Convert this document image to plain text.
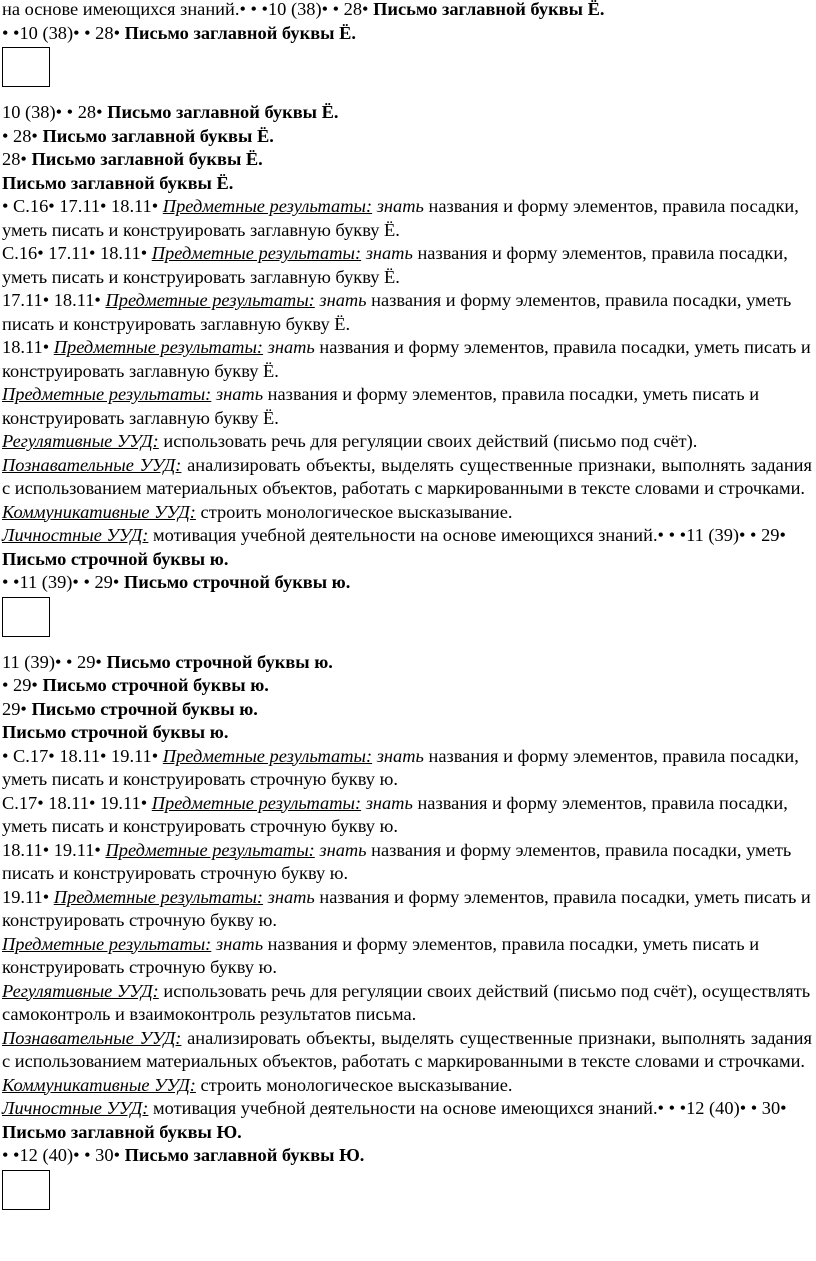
на основе имеющихся знаний.• • •10 (38)• • 28• Письмо заглавной буквы Ё.
• •10 (38)• • 28• Письмо заглавной буквы Ё.
10 (38)• • 28• Письмо заглавной буквы Ё.
• 28• Письмо заглавной буквы Ё.
28• Письмо заглавной буквы Ё.
Письмо заглавной буквы Ё.
• С.16• 17.11• 18.11• Предметные результаты: знать названия и форму элементов, правила посадки, уметь писать и конструировать заглавную букву Ё.
С.16• 17.11• 18.11• Предметные результаты: знать названия и форму элементов, правила посадки, уметь писать и конструировать заглавную букву Ё.
17.11• 18.11• Предметные результаты: знать названия и форму элементов, правила посадки, уметь писать и конструировать заглавную букву Ё.
18.11• Предметные результаты: знать названия и форму элементов, правила посадки, уметь писать и конструировать заглавную букву Ё.
Предметные результаты: знать названия и форму элементов, правила посадки, уметь писать и конструировать заглавную букву Ё.
Регулятивные УУД: использовать речь для регуляции своих действий (письмо под счёт).
Познавательные УУД: анализировать объекты, выделять существенные признаки, выполнять задания с использованием материальных объектов, работать с маркированными в тексте словами и строчками.
Коммуникативные УУД: строить монологическое высказывание.
Личностные УУД: мотивация учебной деятельности на основе имеющихся знаний.• • •11 (39)• • 29• Письмо строчной буквы ю.
• •11 (39)• • 29• Письмо строчной буквы ю.
11 (39)• • 29• Письмо строчной буквы ю.
• 29• Письмо строчной буквы ю.
29• Письмо строчной буквы ю.
Письмо строчной буквы ю.
• С.17• 18.11• 19.11• Предметные результаты: знать названия и форму элементов, правила посадки, уметь писать и конструировать строчную букву ю.
С.17• 18.11• 19.11• Предметные результаты: знать названия и форму элементов, правила посадки, уметь писать и конструировать строчную букву ю.
18.11• 19.11• Предметные результаты: знать названия и форму элементов, правила посадки, уметь писать и конструировать строчную букву ю.
19.11• Предметные результаты: знать названия и форму элементов, правила посадки, уметь писать и конструировать строчную букву ю.
Предметные результаты: знать названия и форму элементов, правила посадки, уметь писать и конструировать строчную букву ю.
Регулятивные УУД: использовать речь для регуляции своих действий (письмо под счёт), осуществлять самоконтроль и взаимоконтроль результатов письма.
Познавательные УУД: анализировать объекты, выделять существенные признаки, выполнять задания с использованием материальных объектов, работать с маркированными в тексте словами и строчками.
Коммуникативные УУД: строить монологическое высказывание.
Личностные УУД: мотивация учебной деятельности на основе имеющихся знаний.• • •12 (40)• • 30• Письмо заглавной буквы Ю.
• •12 (40)• • 30• Письмо заглавной буквы Ю.
